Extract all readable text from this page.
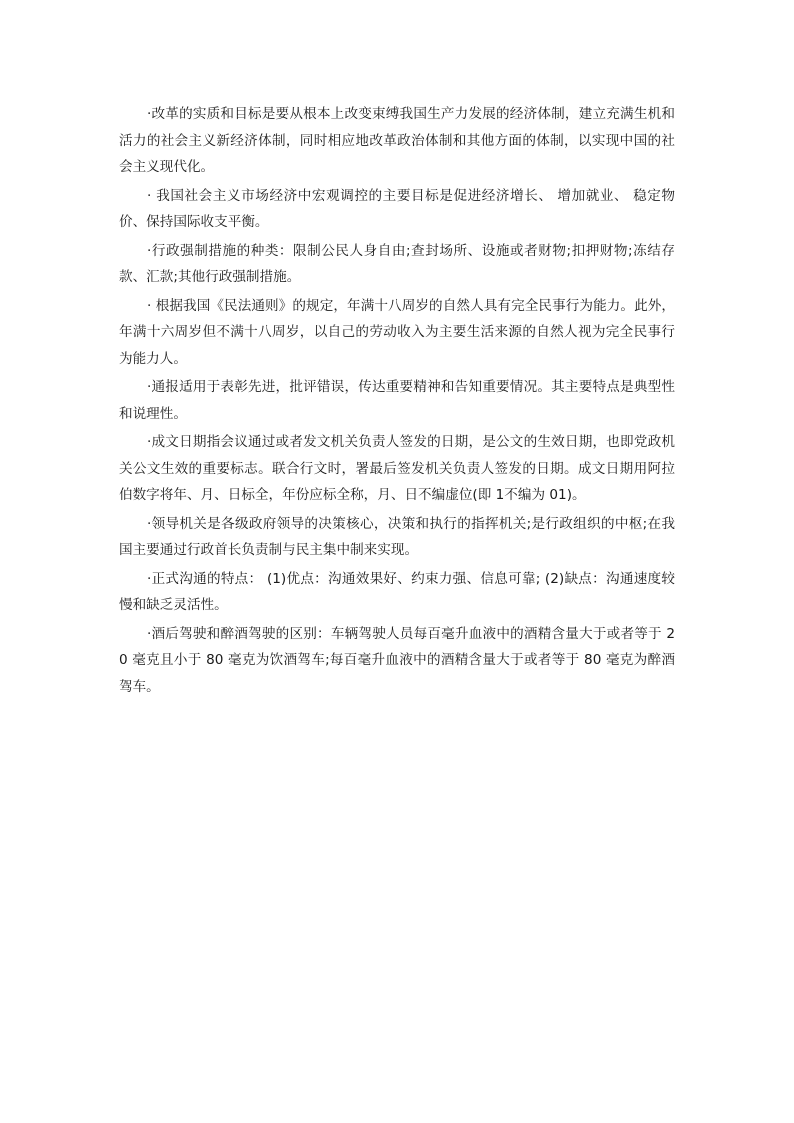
·改革的实质和目标是要从根本上改变束缚我国生产力发展的经济体制，建立充满生机和活力的社会主义新经济体制，同时相应地改革政治体制和其他方面的体制，以实现中国的社会主义现代化。

· 我国社会主义市场经济中宏观调控的主要目标是促进经济增长、 增加就业、 稳定物价、保持国际收支平衡。

·行政强制措施的种类：限制公民人身自由;查封场所、设施或者财物;扣押财物;冻结存款、汇款;其他行政强制措施。

· 根据我国《民法通则》的规定，年满十八周岁的自然人具有完全民事行为能力。此外，年满十六周岁但不满十八周岁，以自己的劳动收入为主要生活来源的自然人视为完全民事行为能力人。

·通报适用于表彰先进，批评错误，传达重要精神和告知重要情况。其主要特点是典型性和说理性。

·成文日期指会议通过或者发文机关负责人签发的日期，是公文的生效日期，也即党政机关公文生效的重要标志。联合行文时，署最后签发机关负责人签发的日期。成文日期用阿拉伯数字将年、月、日标全，年份应标全称，月、日不编虚位(即 1不编为 01)。

·领导机关是各级政府领导的决策核心，决策和执行的指挥机关;是行政组织的中枢;在我国主要通过行政首长负责制与民主集中制来实现。

·正式沟通的特点： (1)优点：沟通效果好、约束力强、信息可靠; (2)缺点：沟通速度较慢和缺乏灵活性。

·酒后驾驶和醉酒驾驶的区别：车辆驾驶人员每百毫升血液中的酒精含量大于或者等于 20 毫克且小于 80 毫克为饮酒驾车;每百毫升血液中的酒精含量大于或者等于 80 毫克为醉酒驾车。
